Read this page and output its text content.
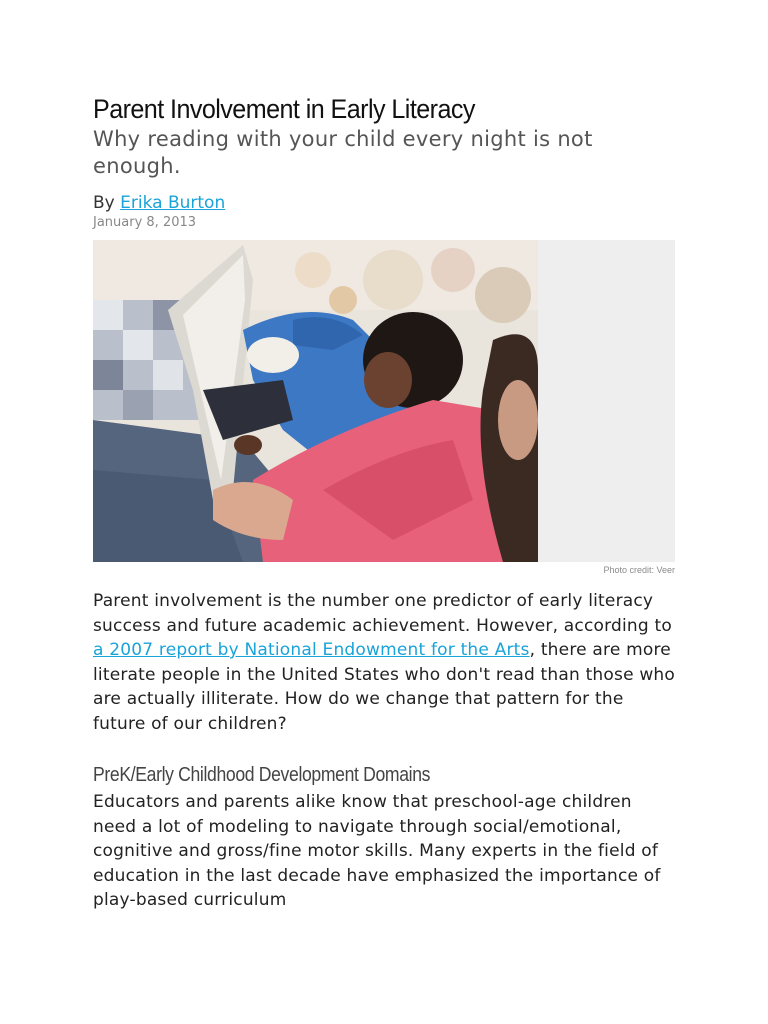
Parent Involvement in Early Literacy

Why reading with your child every night is not enough.

By Erika Burton
January 8, 2013
Photo credit: Veer

Parent involvement is the number one predictor of early literacy success and future academic achievement. However, according to a 2007 report by National Endowment for the Arts, there are more literate people in the United States who don't read than those who are actually illiterate. How do we change that pattern for the future of our children?

PreK/Early Childhood Development Domains

Educators and parents alike know that preschool-age children need a lot of modeling to navigate through social/emotional, cognitive and gross/fine motor skills. Many experts in the field of education in the last decade have emphasized the importance of play-based curriculum
